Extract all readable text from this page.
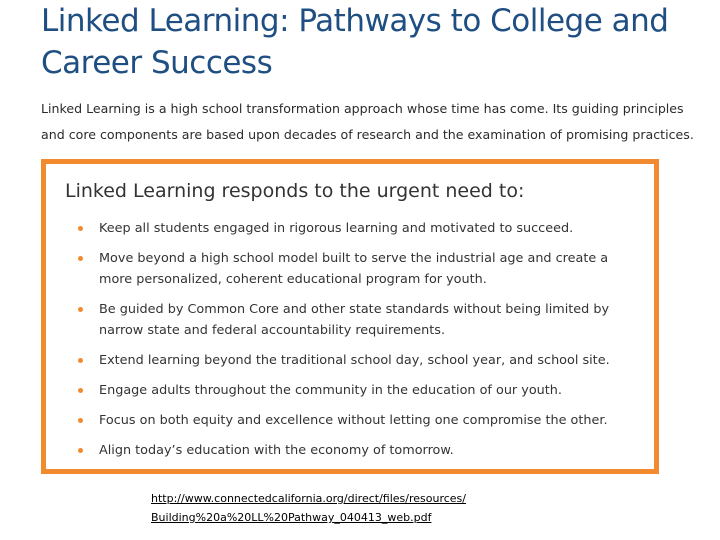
Linked Learning: Pathways to College and
Career Success
Linked Learning is a high school transformation approach whose time has come. Its guiding principles
and core components are based upon decades of research and the examination of promising practices.
Linked Learning responds to the urgent need to:
Keep all students engaged in rigorous learning and motivated to succeed.
Move beyond a high school model built to serve the industrial age and create a more personalized, coherent educational program for youth.
Be guided by Common Core and other state standards without being limited by narrow state and federal accountability requirements.
Extend learning beyond the traditional school day, school year, and school site.
Engage adults throughout the community in the education of our youth.
Focus on both equity and excellence without letting one compromise the other.
Align today’s education with the economy of tomorrow.
http://www.connectedcalifornia.org/direct/files/resources/
Building%20a%20LL%20Pathway_040413_web.pdf
